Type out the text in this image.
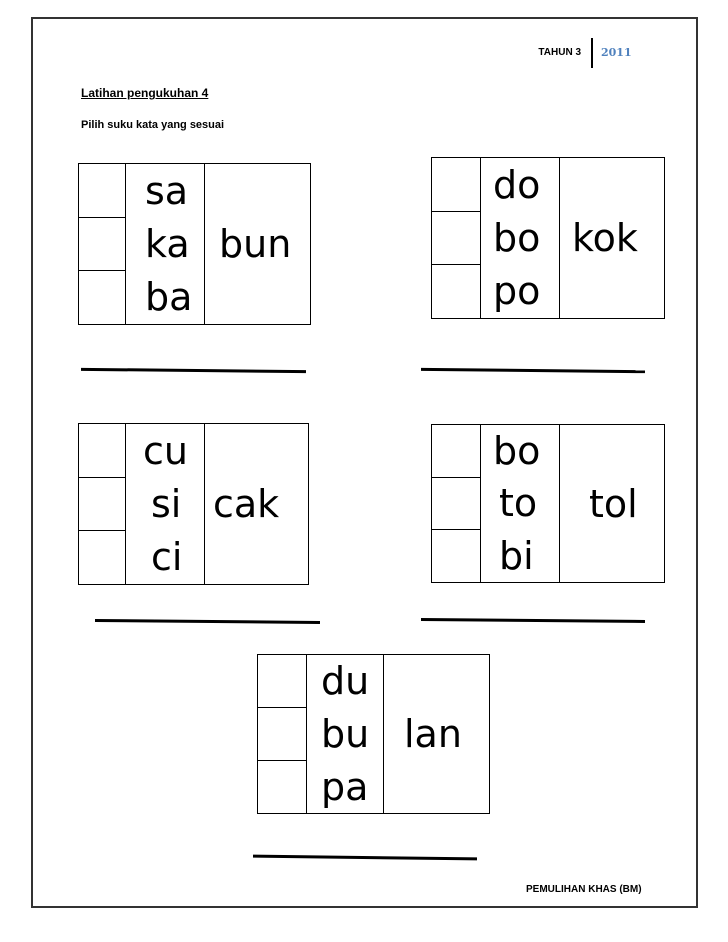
TAHUN 3	2011
Latihan pengukuhan 4
Pilih suku kata yang sesuai
sa
ka
ba
bun
do
bo
po
kok
cu
si
ci
cak
bo
to
bi
tol
du
bu
pa
lan
PEMULIHAN KHAS (BM)
